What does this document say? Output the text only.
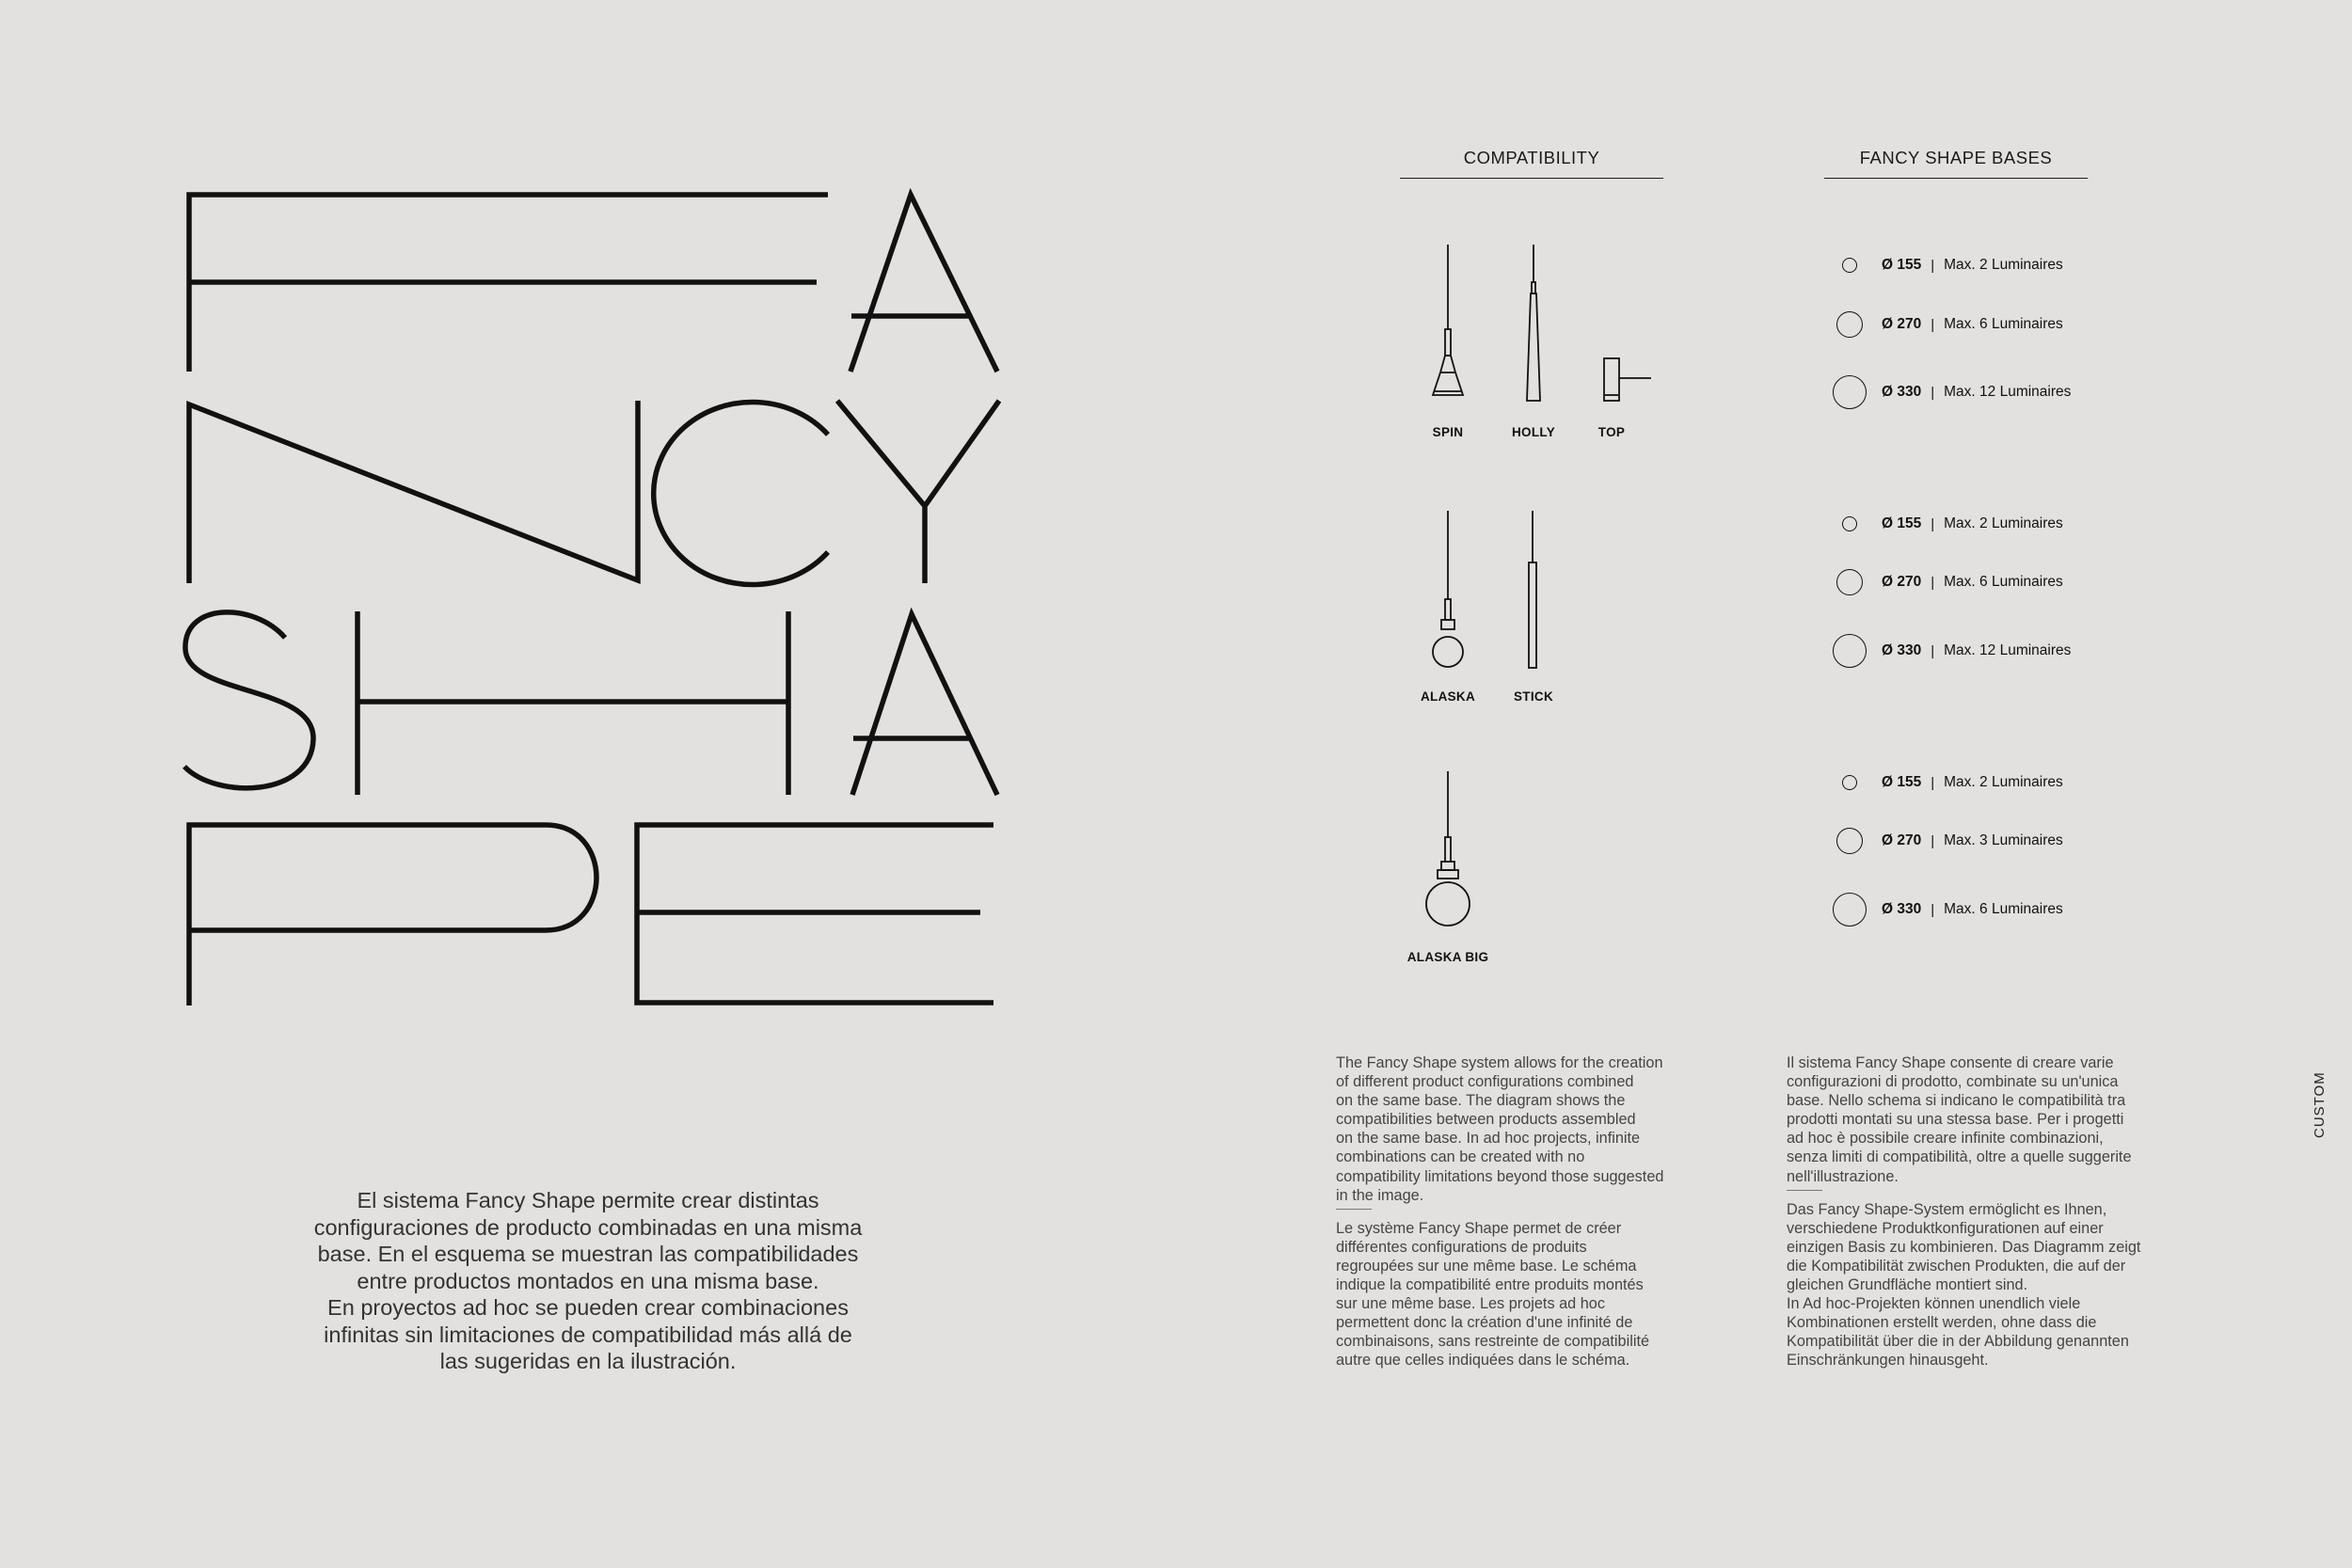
El sistema Fancy Shape permite crear distintas

configuraciones de producto combinadas en una misma

base. En el esquema se muestran las compatibilidades

entre productos montados en una misma base.

En proyectos ad hoc se pueden crear combinaciones

infinitas sin limitaciones de compatibilidad más allá de

las sugeridas en la ilustración.

COMPATIBILITY	FANCY SHAPE BASES
SPIN	HOLLY	TOP
ALASKA	STICK
ALASKA BIG
Ø 155 | Max. 2 Luminaires
Ø 270 | Max. 6 Luminaires
Ø 330 | Max. 12 Luminaires
Ø 155 | Max. 2 Luminaires
Ø 270 | Max. 6 Luminaires
Ø 330 | Max. 12 Luminaires
Ø 155 | Max. 2 Luminaires
Ø 270 | Max. 3 Luminaires
Ø 330 | Max. 6 Luminaires

The Fancy Shape system allows for the creation

of different product configurations combined

on the same base. The diagram shows the

compatibilities between products assembled

on the same base. In ad hoc projects, infinite

combinations can be created with no

compatibility limitations beyond those suggested

in the image.

Le système Fancy Shape permet de créer

différentes configurations de produits

regroupées sur une même base. Le schéma

indique la compatibilité entre produits montés

sur une même base. Les projets ad hoc

permettent donc la création d'une infinité de

combinaisons, sans restreinte de compatibilité

autre que celles indiquées dans le schéma.

Il sistema Fancy Shape consente di creare varie

configurazioni di prodotto, combinate su un'unica

base. Nello schema si indicano le compatibilità tra

prodotti montati su una stessa base. Per i progetti

ad hoc è possibile creare infinite combinazioni,

senza limiti di compatibilità, oltre a quelle suggerite

nell'illustrazione.

Das Fancy Shape-System ermöglicht es Ihnen,

verschiedene Produktkonfigurationen auf einer

einzigen Basis zu kombinieren. Das Diagramm zeigt

die Kompatibilität zwischen Produkten, die auf der

gleichen Grundfläche montiert sind.

In Ad hoc-Projekten können unendlich viele

Kombinationen erstellt werden, ohne dass die

Kompatibilität über die in der Abbildung genannten

Einschränkungen hinausgeht.

CUSTOM
